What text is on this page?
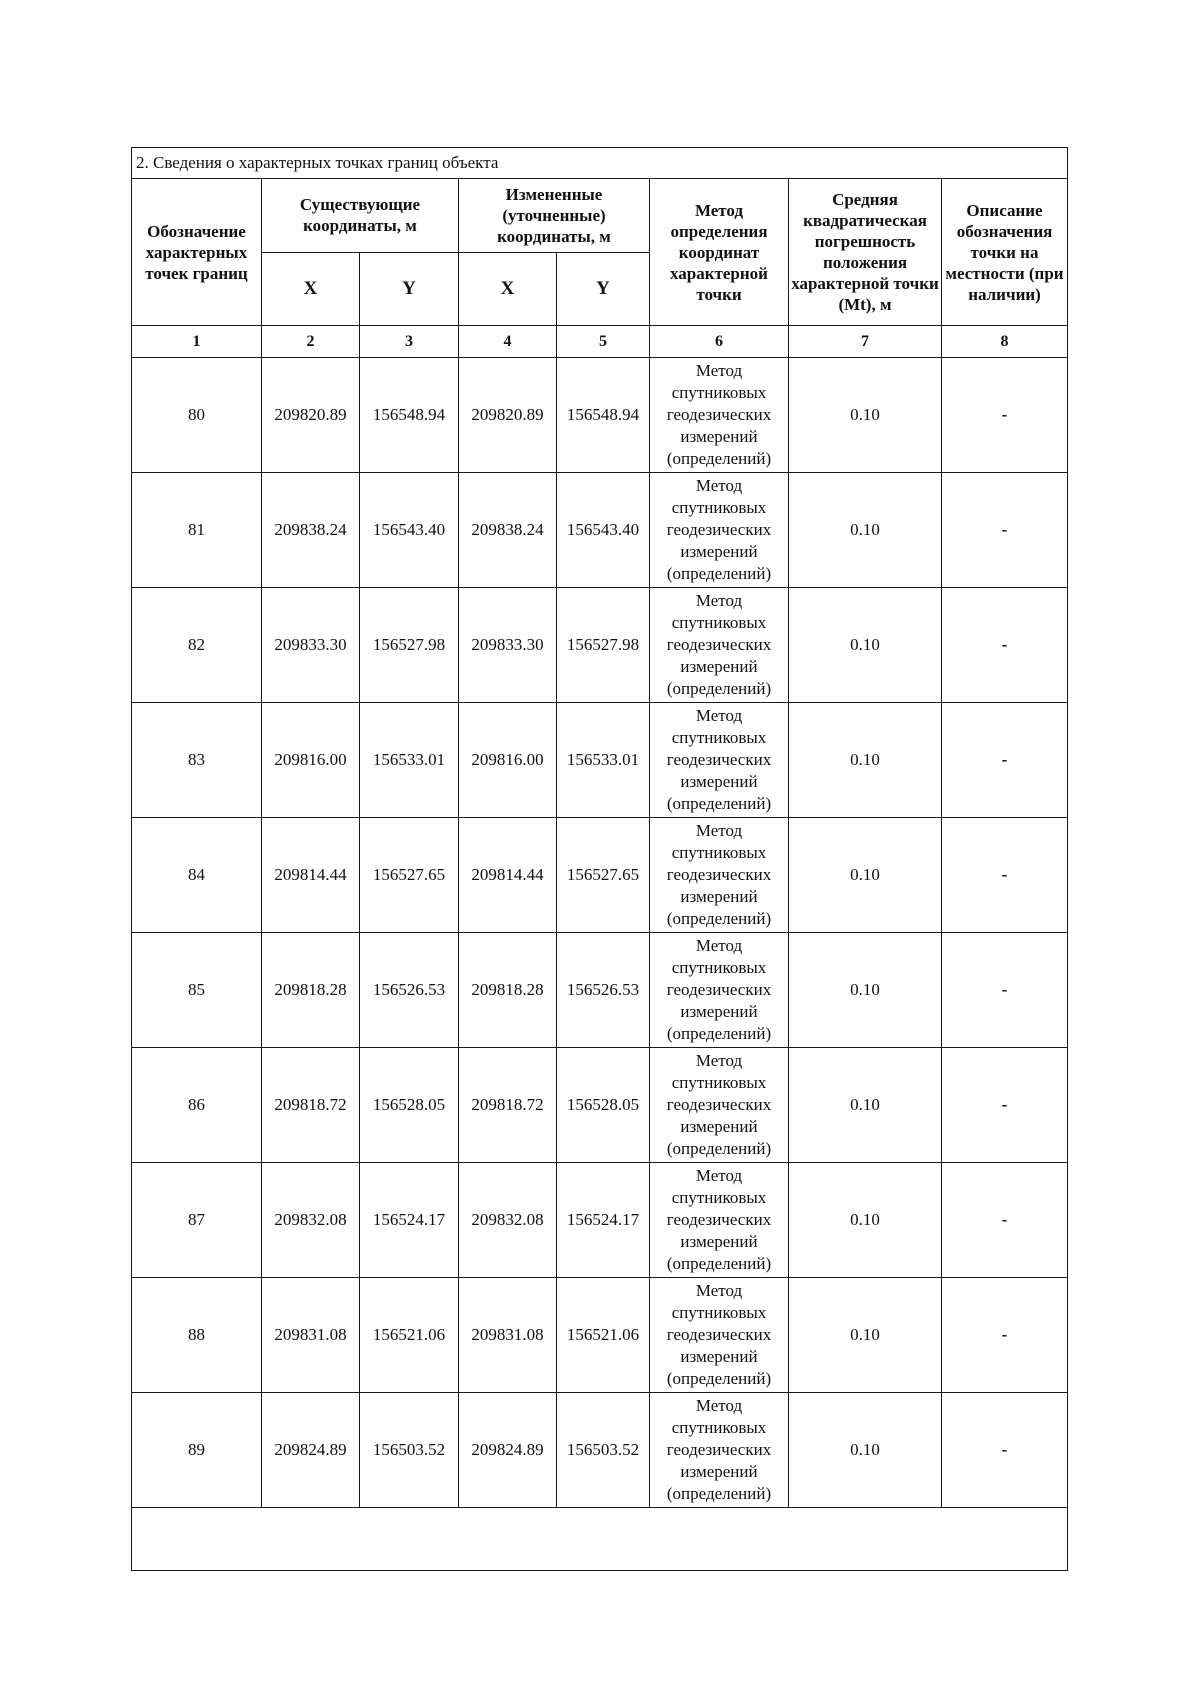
2. Сведения о характерных точках границ объекта							
Обозначение характерных точек границ	Существующие координаты, м		Измененные (уточненные) координаты, м		Метод определения координат характерной точки	Средняя квадратическая погрешность положения характерной точки (Mt), м	Описание обозначения точки на местности (при наличии)
	X	Y	X	Y			
1	2	3	4	5	6	7	8
80	209820.89	156548.94	209820.89	156548.94	Метод спутниковых геодезических измерений (определений)	0.10	-
81	209838.24	156543.40	209838.24	156543.40	Метод спутниковых геодезических измерений (определений)	0.10	-
82	209833.30	156527.98	209833.30	156527.98	Метод спутниковых геодезических измерений (определений)	0.10	-
83	209816.00	156533.01	209816.00	156533.01	Метод спутниковых геодезических измерений (определений)	0.10	-
84	209814.44	156527.65	209814.44	156527.65	Метод спутниковых геодезических измерений (определений)	0.10	-
85	209818.28	156526.53	209818.28	156526.53	Метод спутниковых геодезических измерений (определений)	0.10	-
86	209818.72	156528.05	209818.72	156528.05	Метод спутниковых геодезических измерений (определений)	0.10	-
87	209832.08	156524.17	209832.08	156524.17	Метод спутниковых геодезических измерений (определений)	0.10	-
88	209831.08	156521.06	209831.08	156521.06	Метод спутниковых геодезических измерений (определений)	0.10	-
89	209824.89	156503.52	209824.89	156503.52	Метод спутниковых геодезических измерений (определений)	0.10	-
